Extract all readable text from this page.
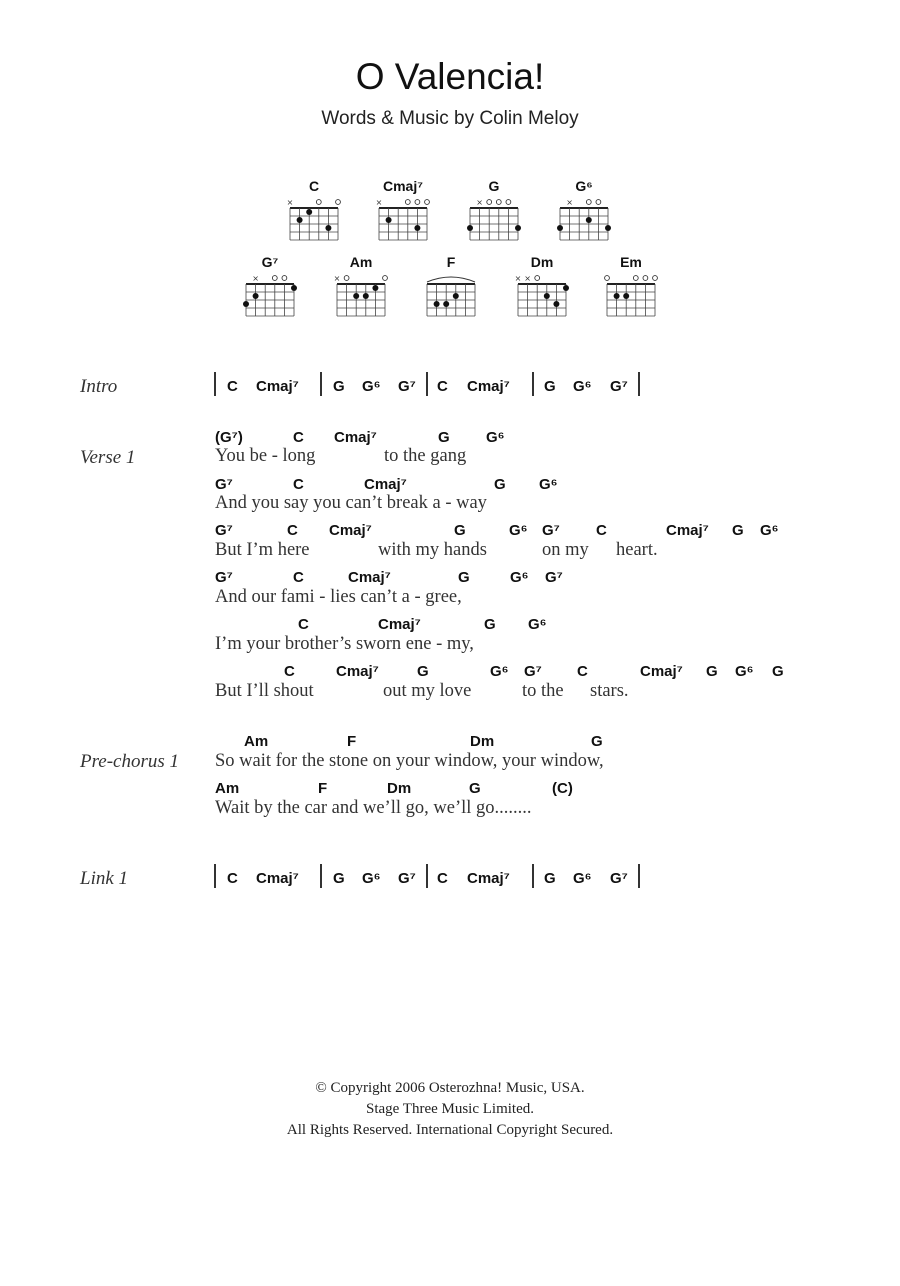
O Valencia!
Words & Music by Colin Meloy
C
×
Cmaj⁷
×
G
×
G⁶
×
G⁷
×
Am
×
F	Dm
× ×
Em
Intro	C Cmaj⁷ G G⁶ G⁷ C Cmaj⁷ G G⁶ G⁷
Verse 1
(G⁷)	C Cmaj⁷	G G⁶
You be - long	to the gang
G⁷	C	Cmaj⁷	G G⁶
And you say you can’t break a - way
G⁷	C Cmaj⁷	G	G⁶ G⁷ C	Cmaj⁷ G G⁶
But I’m here	with my hands	on my heart.
G⁷	C	Cmaj⁷	G	G⁶ G⁷
And our fami - lies can’t a - gree,
C	Cmaj⁷	G G⁶
I’m your brother’s sworn ene - my,
C	Cmaj⁷	G	G⁶ G⁷ C	Cmaj⁷ G G⁶ G
But I’ll shout	out my love	to the stars.
Pre-chorus 1
Am	F	Dm	G
So wait for the stone on your window, your window,
Am	F	Dm	G	(C)
Wait by the car and we’ll go, we’ll go........
Link 1	C Cmaj⁷ G G⁶ G⁷ C Cmaj⁷ G G⁶ G⁷
© Copyright 2006 Osterozhna! Music, USA.
Stage Three Music Limited.
All Rights Reserved. International Copyright Secured.
